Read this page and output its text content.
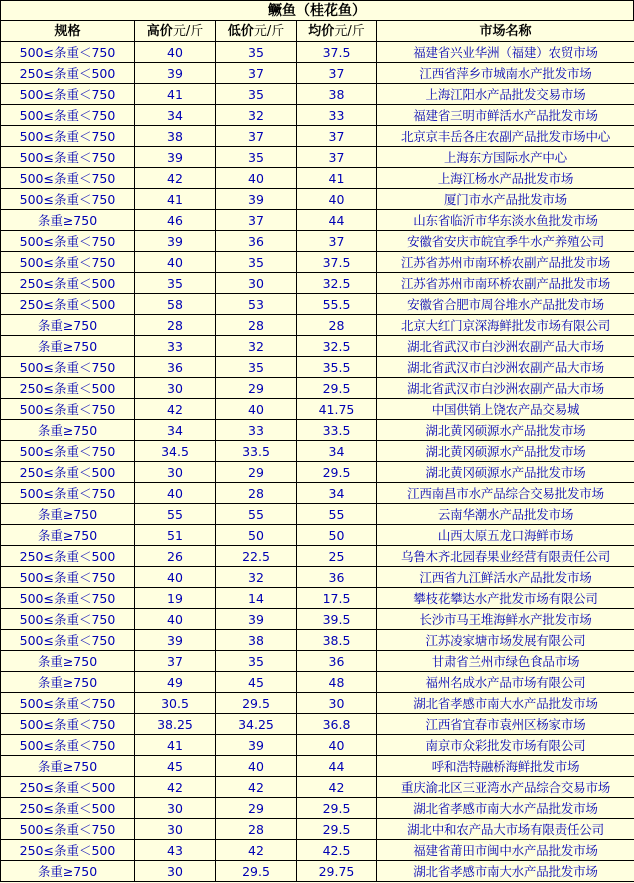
鳜鱼（桂花鱼）
规格	高价元/斤	低价元/斤	均价元/斤	市场名称
500≤条重＜750	40	35	37.5	福建省兴业华洲（福建）农贸市场
250≤条重＜500	39	37	37	江西省萍乡市城南水产批发市场
500≤条重＜750	41	35	38	上海江阳水产品批发交易市场
500≤条重＜750	34	32	33	福建省三明市鲜活水产品批发市场
500≤条重＜750	38	37	37	北京京丰岳各庄农副产品批发市场中心
500≤条重＜750	39	35	37	上海东方国际水产中心
500≤条重＜750	42	40	41	上海江杨水产品批发市场
500≤条重＜750	41	39	40	厦门市水产品批发市场
条重≥750	46	37	44	山东省临沂市华东淡水鱼批发市场
500≤条重＜750	39	36	37	安徽省安庆市皖宜季牛水产养殖公司
500≤条重＜750	40	35	37.5	江苏省苏州市南环桥农副产品批发市场
250≤条重＜500	35	30	32.5	江苏省苏州市南环桥农副产品批发市场
250≤条重＜500	58	53	55.5	安徽省合肥市周谷堆水产品批发市场
条重≥750	28	28	28	北京大红门京深海鲜批发市场有限公司
条重≥750	33	32	32.5	湖北省武汉市白沙洲农副产品大市场
500≤条重＜750	36	35	35.5	湖北省武汉市白沙洲农副产品大市场
250≤条重＜500	30	29	29.5	湖北省武汉市白沙洲农副产品大市场
500≤条重＜750	42	40	41.75	中国供销上饶农产品交易城
条重≥750	34	33	33.5	湖北黄冈硕源水产品批发市场
500≤条重＜750	34.5	33.5	34	湖北黄冈硕源水产品批发市场
250≤条重＜500	30	29	29.5	湖北黄冈硕源水产品批发市场
500≤条重＜750	40	28	34	江西南昌市水产品综合交易批发市场
条重≥750	55	55	55	云南华潮水产品批发市场
条重≥750	51	50	50	山西太原五龙口海鲜市场
250≤条重＜500	26	22.5	25	乌鲁木齐北园春果业经营有限责任公司
500≤条重＜750	40	32	36	江西省九江鲜活水产品批发市场
500≤条重＜750	19	14	17.5	攀枝花攀达水产批发市场有限公司
500≤条重＜750	40	39	39.5	长沙市马王堆海鲜水产批发市场
500≤条重＜750	39	38	38.5	江苏凌家塘市场发展有限公司
条重≥750	37	35	36	甘肃省兰州市绿色食品市场
条重≥750	49	45	48	福州名成水产品市场有限公司
500≤条重＜750	30.5	29.5	30	湖北省孝感市南大水产品批发市场
500≤条重＜750	38.25	34.25	36.8	江西省宜春市袁州区杨家市场
500≤条重＜750	41	39	40	南京市众彩批发市场有限公司
条重≥750	45	40	44	呼和浩特融桥海鲜批发市场
250≤条重＜500	42	42	42	重庆渝北区三亚湾水产品综合交易市场
250≤条重＜500	30	29	29.5	湖北省孝感市南大水产品批发市场
500≤条重＜750	30	28	29.5	湖北中和农产品大市场有限责任公司
250≤条重＜500	43	42	42.5	福建省莆田市闽中水产品批发市场
条重≥750	30	29.5	29.75	湖北省孝感市南大水产品批发市场
